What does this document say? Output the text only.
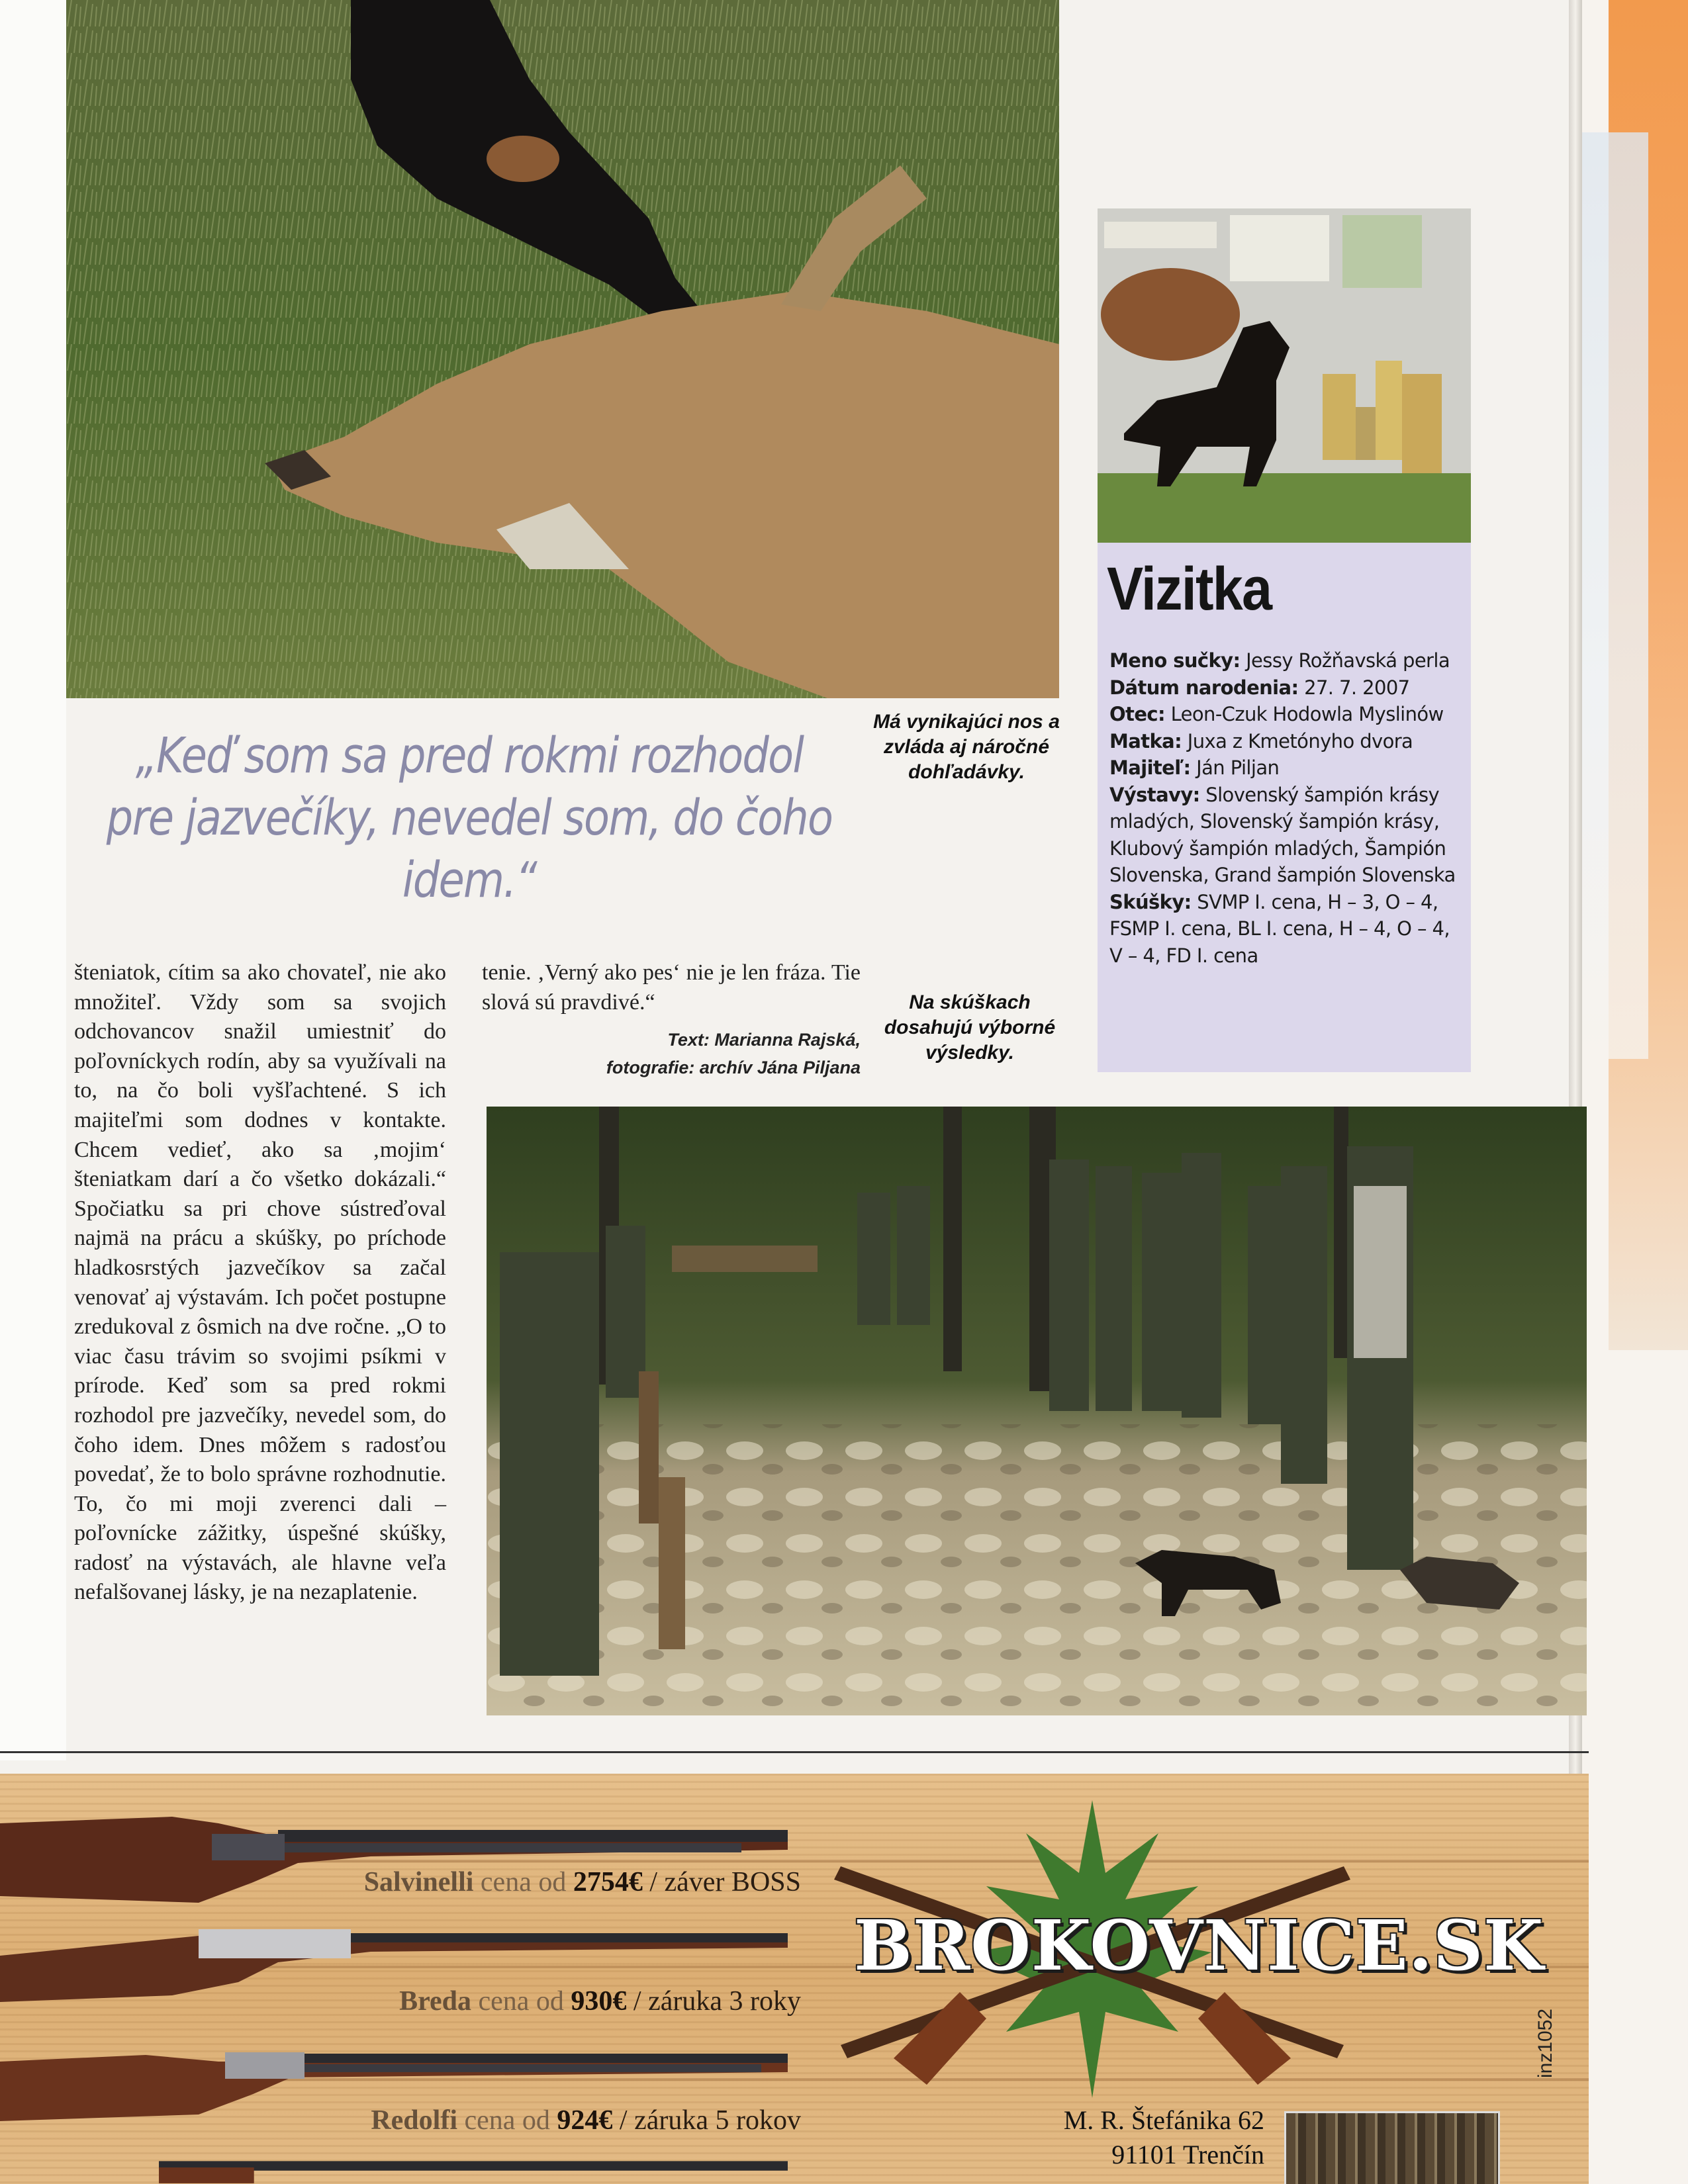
„Keď som sa pred rokmi rozhodol pre jazvečíky, nevedel som, do čoho idem.“
Má vynikajúci nos a zvláda aj náročné dohľadávky.
Na skúškach dosahujú výborné výsledky.

šteniatok, cítim sa ako chovateľ, nie ako množiteľ. Vždy som sa svojich odchovancov snažil umiestniť do poľovníckych rodín, aby sa využívali na to, na čo boli vyšľachtené. S ich majiteľmi som dodnes v kontakte. Chcem vedieť, ako sa ‚mojim‘ šteniatkam darí a čo všetko dokázali.“ Spočiatku sa pri chove sústreďoval najmä na prácu a skúšky, po príchode hladkosrstých jazvečíkov sa začal venovať aj výstavám. Ich počet postupne zredukoval z ôsmich na dve ročne. „O to viac času trávim so svojimi psíkmi v prírode. Keď som sa pred rokmi rozhodol pre jazvečíky, nevedel som, do čoho idem. Dnes môžem s radosťou povedať, že to bolo správne rozhodnutie. To, čo mi moji zverenci dali – poľovnícke zážitky, úspešné skúšky, radosť na výstavách, ale hlavne veľa nefalšovanej lásky, je na nezaplatenie.

tenie. ‚Verný ako pes‘ nie je len fráza. Tie slová sú pravdivé.“

Text: Marianna Rajská,
fotografie: archív Jána Piljana
Vizitka

Meno sučky: Jessy Rožňavská perla

Dátum narodenia: 27. 7. 2007

Otec: Leon-Czuk Hodowla Myslinów

Matka: Juxa z Kmetónyho dvora

Majiteľ: Ján Piljan

Výstavy: Slovenský šampión krásy mladých, Slovenský šampión krásy, Klubový šampión mladých, Šampión Slovenska, Grand šampión Slovenska

Skúšky: SVMP I. cena, H – 3, O – 4, FSMP I. cena, BL I. cena, H – 4, O – 4, V – 4, FD I. cena

Salvinelli cena od 2754€ / záver BOSS
Breda cena od 930€ / záruka 3 roky
Redolfi cena od 924€ / záruka 5 rokov
BROKOVNICE.SK
M. R. Štefánika 62
91101 Trenčín
inz1052
